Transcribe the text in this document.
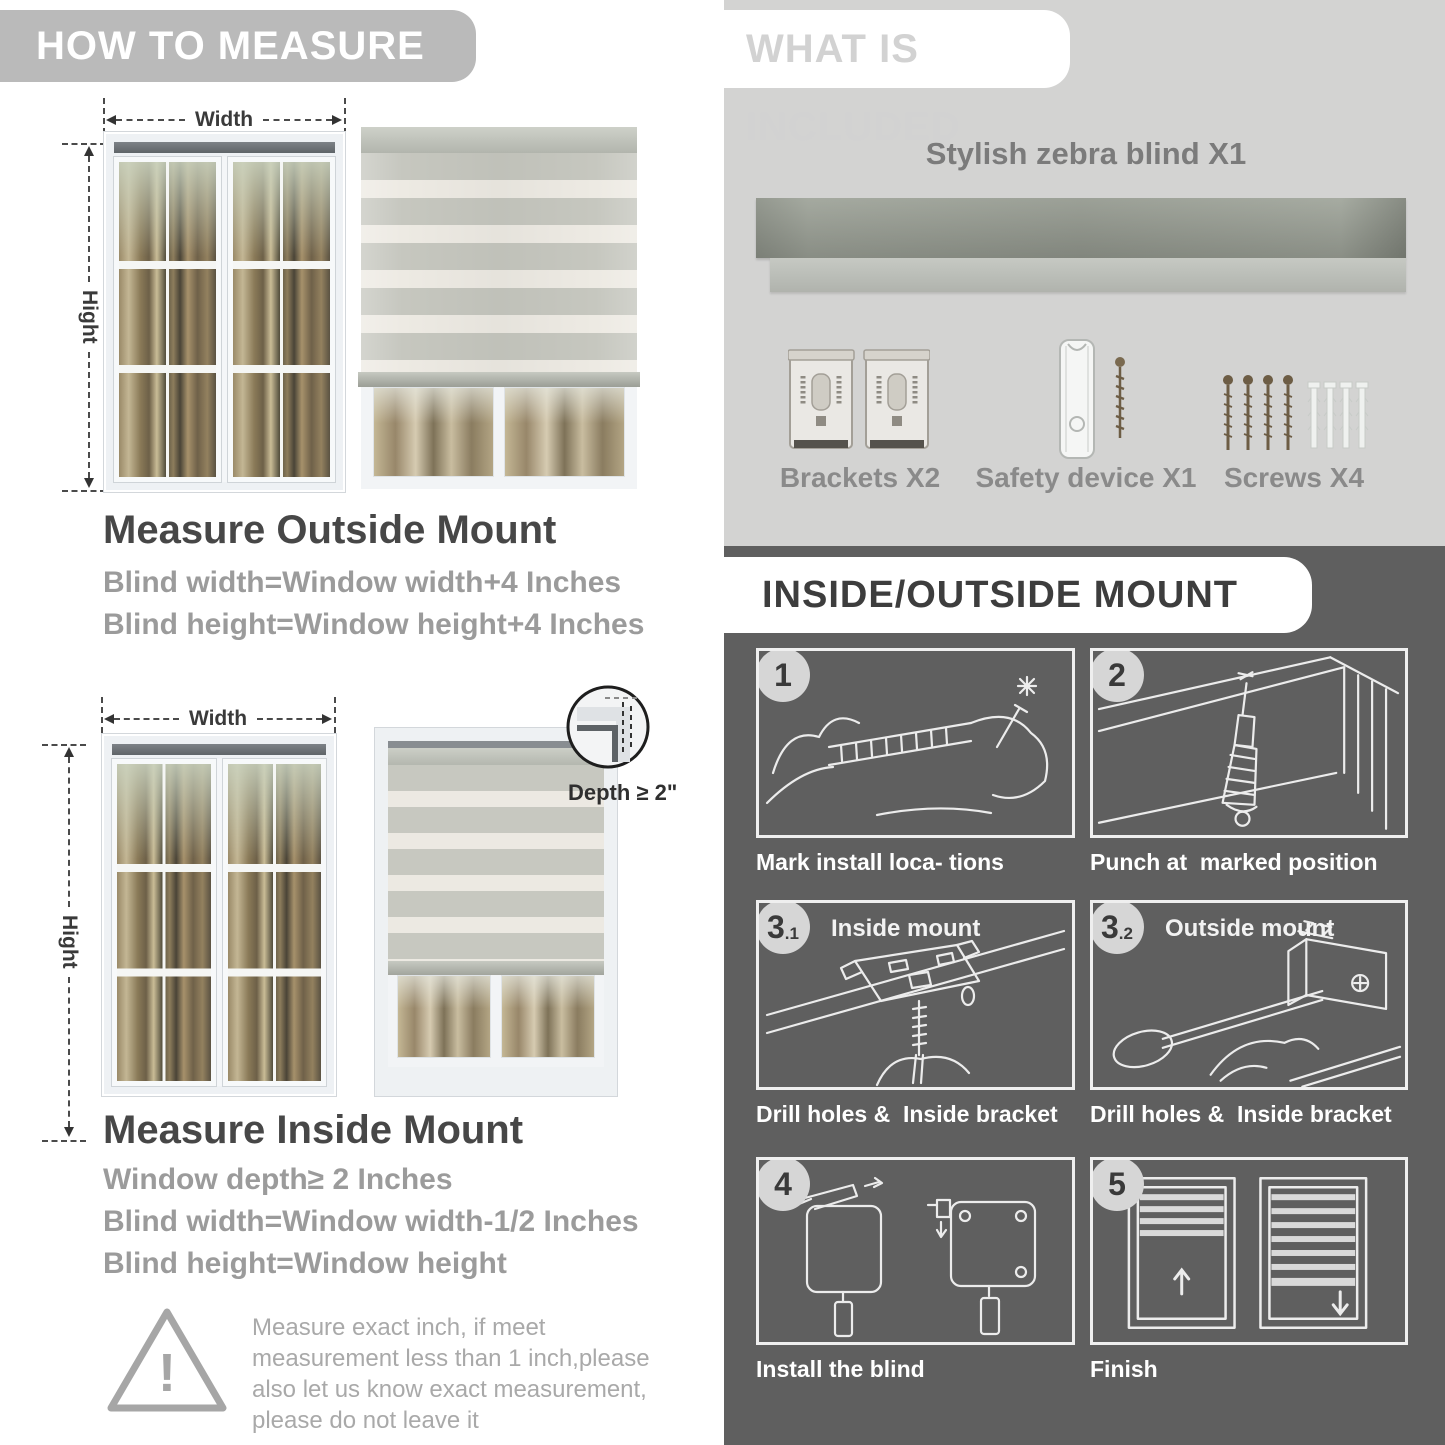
HOW TO MEASURE
Width
Hight
Measure Outside Mount
Blind width=Window width+4 Inches
Blind height=Window height+4 Inches
Width
Hight
Depth ≥ 2"
Measure Inside Mount
Window depth≥ 2 Inches
Blind width=Window width-1/2 Inches
Blind height=Window height
!
Measure exact inch, if meet measurement less than 1 inch,please also let us know exact measurement, please do not leave it
WHAT IS INCLUDED
Stylish zebra blind X1
Brackets X2	Safety device X1 Screws X4
INSIDE/OUTSIDE MOUNT
1	2
Mark install loca- tions	Punch at  marked position
3 .1 Inside mount	3 .2 Outside mount
Drill holes &  Inside bracket	Drill holes &  Inside bracket
4	5
Install the blind	Finish
